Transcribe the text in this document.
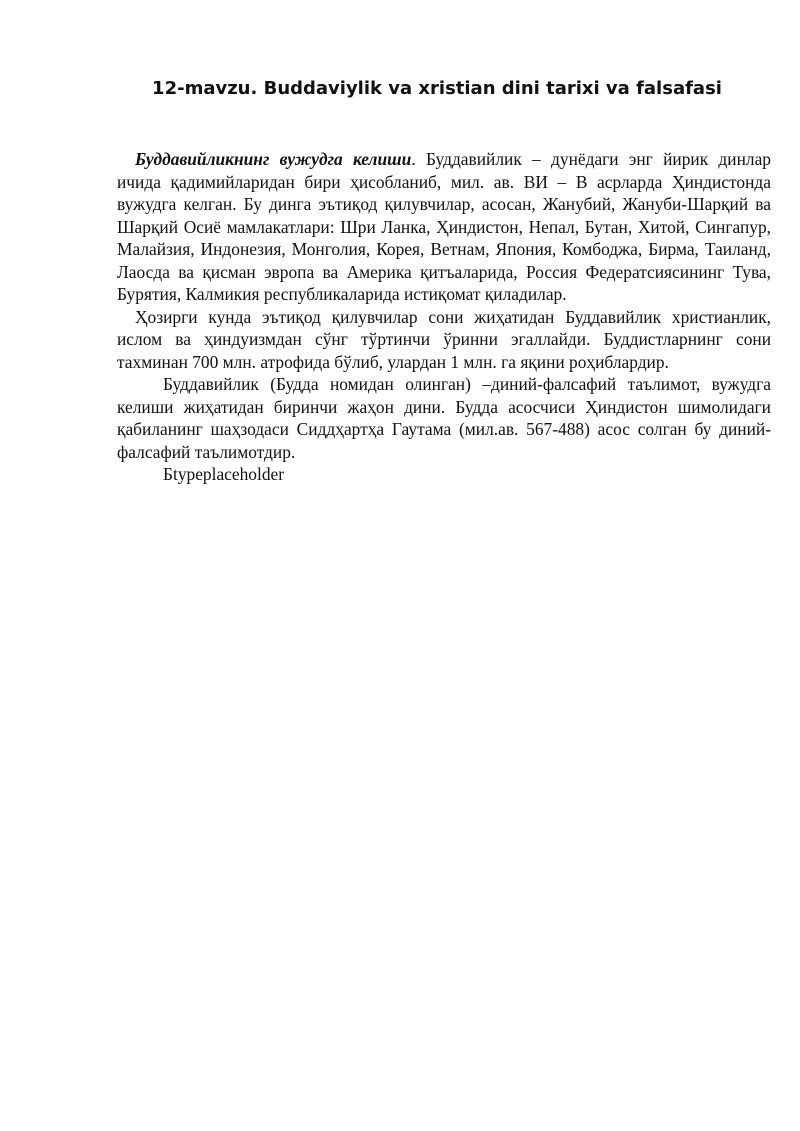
12-mavzu. Buddaviylik va xristian dini tarixi va falsafasi

Буддавийликнинг вужудга келиши. Буддавийлик – дунёдаги энг йирик динлар ичида қадимийларидан бири ҳисобланиб, мил. ав. ВИ – В асрларда Ҳиндистонда вужудга келган. Бу динга эътиқод қилувчилар, асосан, Жанубий, Жануби-Шарқий ва Шарқий Осиё мамлакатлари: Шри Ланка, Ҳиндистон, Непал, Бутан, Хитой, Сингапур, Малайзия, Индонезия, Монголия, Корея, Ветнам, Япония, Комбоджа, Бирма, Таиланд, Лаосда ва қисман эвропа ва Америка қитъаларида, Россия Федератсиясининг Тува, Бурятия, Калмикия республикаларида истиқомат қиладилар.

Ҳозирги кунда эътиқод қилувчилар сони жиҳатидан Буддавийлик христианлик, ислом ва ҳиндуизмдан сўнг тўртинчи ўринни эгаллайди. Буддистларнинг сони тахминан 700 млн. атрофида бўлиб, улардан 1 млн. га яқини роҳиблардир.

Буддавийлик (Будда номидан олинган) –диний-фалсафий таълимот, вужудга келиши жиҳатидан биринчи жаҳон дини. Будда асосчиси Ҳиндистон шимолидаги қабиланинг шаҳзодаси Сиддҳартҳа Гаутама (мил.ав. 567-488) асос солган бу диний-фалсафий таълимотдир.

Бtypeplaceholder
